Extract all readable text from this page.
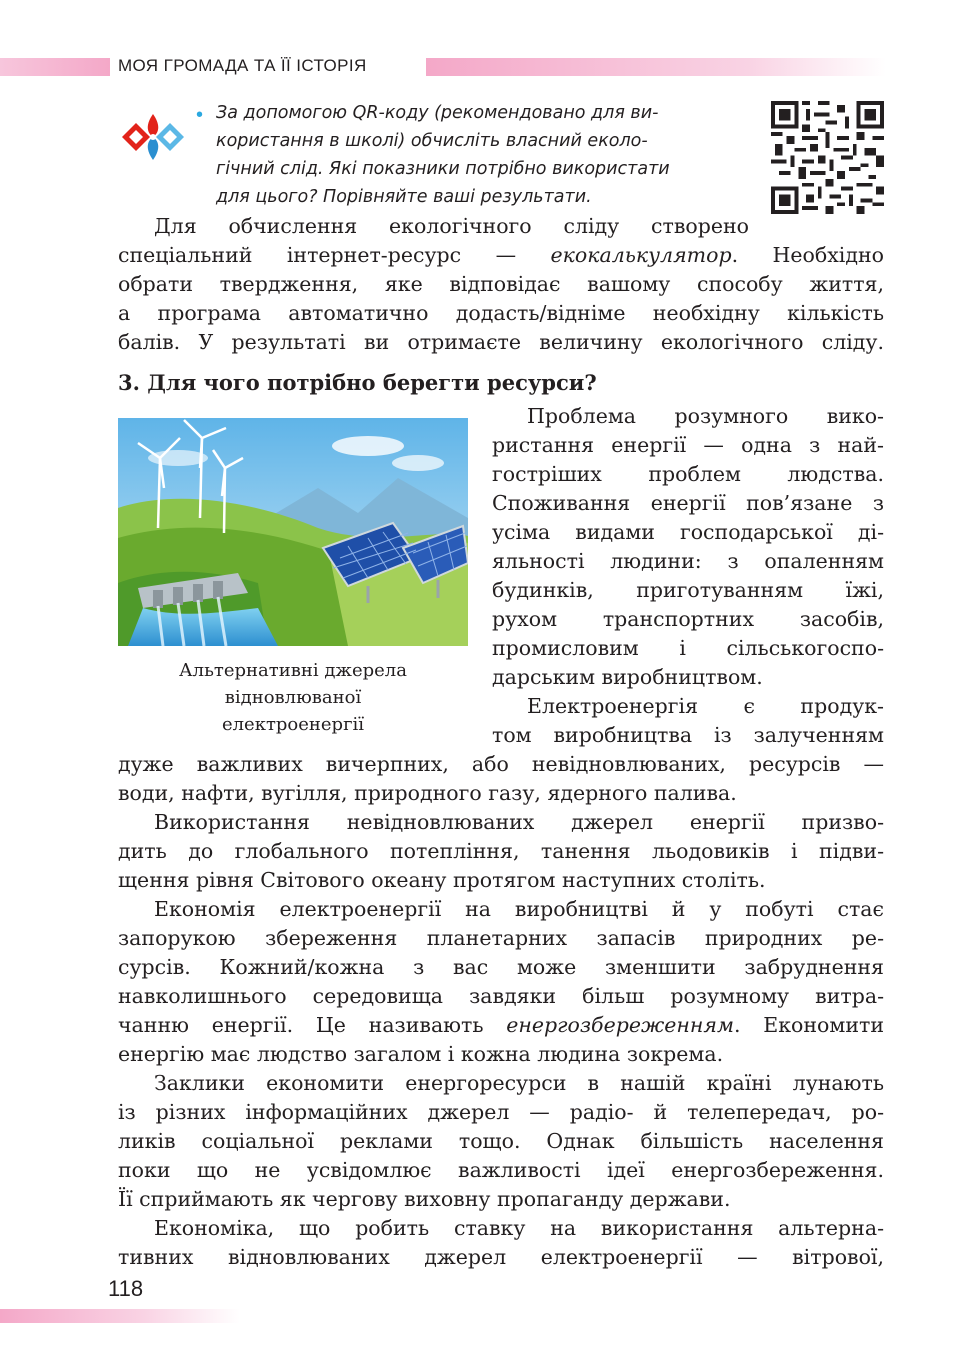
МОЯ ГРОМАДА ТА ЇЇ ІСТОРІЯ
• За допомогою QR-коду (рекомендовано для ви-
користання в школі) обчисліть власний еколо-
гічний слід. Які показники потрібно використати
для цього? Порівняйте ваші результати.
Для обчислення екологічного сліду створено
спеціальний інтернет-ресурс — екокалькулятор. Необхідно
обрати твердження, яке відповідає вашому способу життя,
а програма автоматично додасть/відніме необхідну кількість
балів. У результаті ви отримаєте величину екологічного сліду.
3. Для чого потрібно берегти ресурси?
Альтернативні джерела
відновлюваної
електроенергії
Проблема розумного вико-
ристання енергії — одна з най-
гостріших проблем людства.
Споживання енергії пов’язане з
усіма видами господарської ді-
яльності людини: з опаленням
будинків, приготуванням їжі,
рухом транспортних засобів,
промисловим і сільськогоспо-
дарським виробництвом.
Електроенергія є продук-
том виробництва із залученням
дуже важливих вичерпних, або невідновлюваних, ресурсів —
води, нафти, вугілля, природного газу, ядерного палива.
Використання невідновлюваних джерел енергії призво-
дить до глобального потепління, танення льодовиків і підви-
щення рівня Світового океану протягом наступних століть.
Економія електроенергії на виробництві й у побуті стає
запорукою збереження планетарних запасів природних ре-
сурсів. Кожний/кожна з вас може зменшити забруднення
навколишнього середовища завдяки більш розумному витра-
чанню енергії. Це називають енергозбереженням. Економити
енергію має людство загалом і кожна людина зокрема.
Заклики економити енергоресурси в нашій країні лунають
із різних інформаційних джерел — радіо- й телепередач, ро-
ликів соціальної реклами тощо. Однак більшість населення
поки що не усвідомлює важливості ідеї енергозбереження.
Її сприймають як чергову виховну пропаганду держави.
Економіка, що робить ставку на використання альтерна-
тивних відновлюваних джерел електроенергії — вітрової,
118
